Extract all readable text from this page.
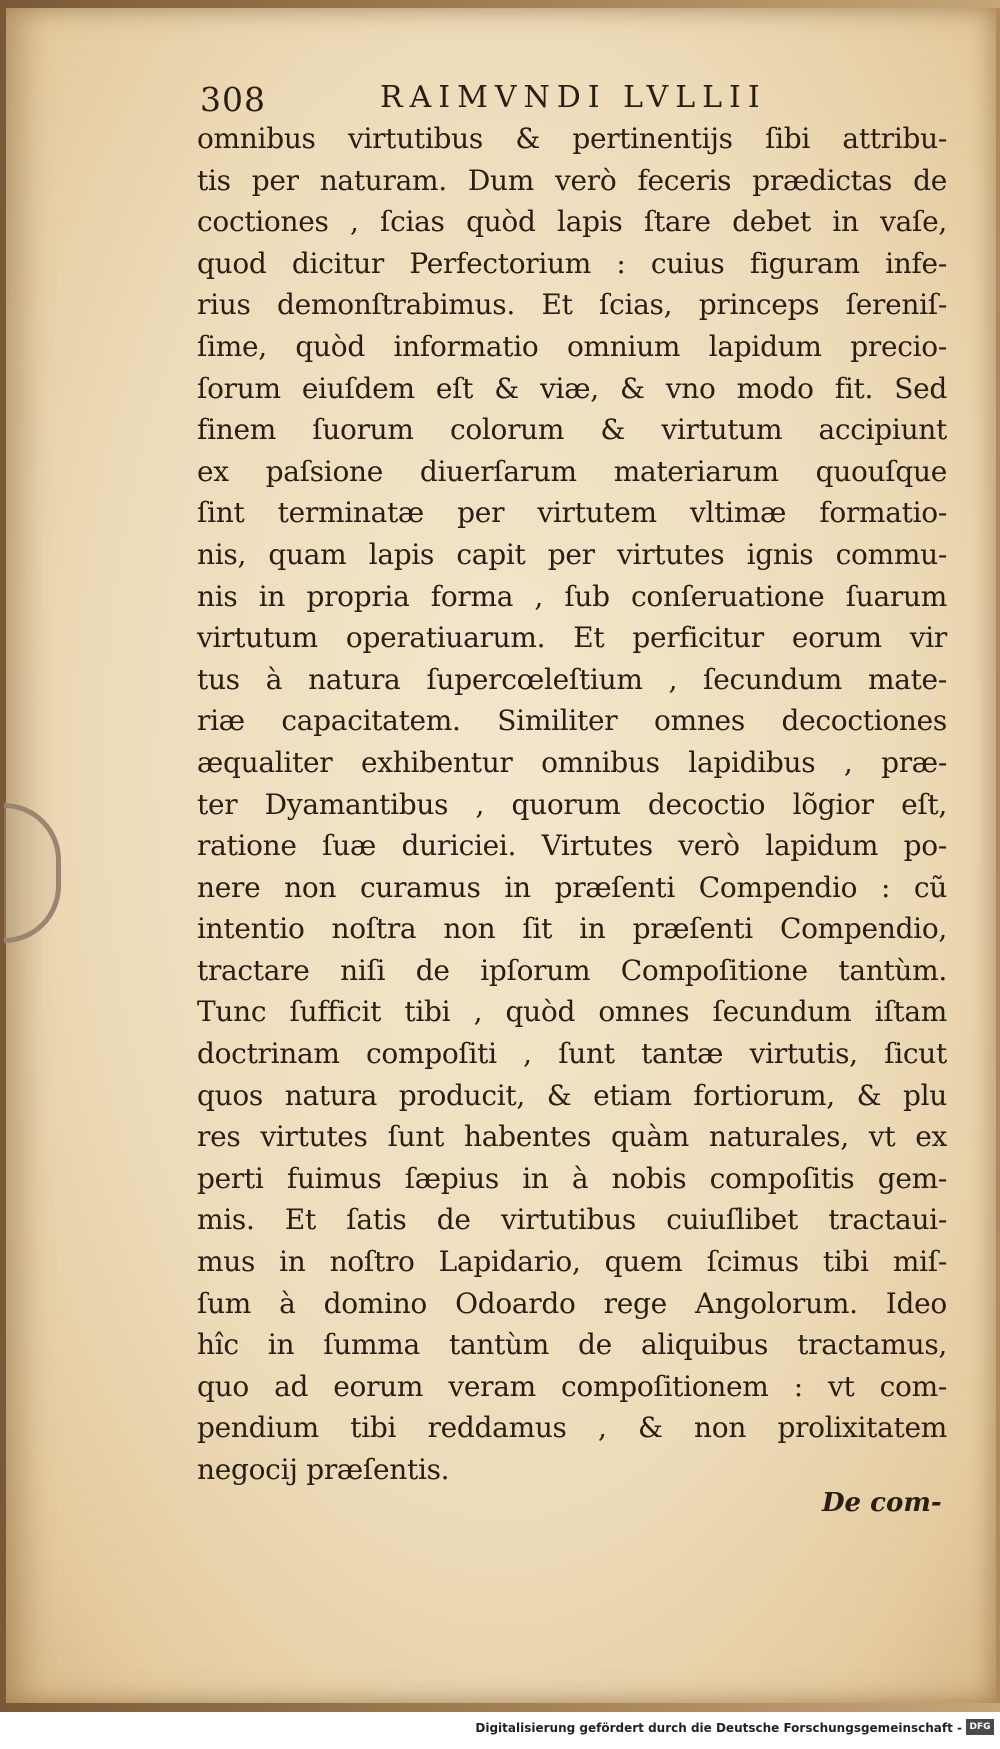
308	RAIMVNDI LVLLII
omnibus virtutibus & pertinentijs ſibi attribu-
tis per naturam. Dum verò feceris prædictas de
coctiones , ſcias quòd lapis ſtare debet in vaſe,
quod dicitur Perfectorium : cuius figuram infe-
rius demonſtrabimus. Et ſcias, princeps ſereniſ-
ſime, quòd informatio omnium lapidum precio-
ſorum eiuſdem eſt & viæ, & vno modo fit. Sed
finem ſuorum colorum & virtutum accipiunt
ex paſsione diuerſarum materiarum quouſque
ſint terminatæ per virtutem vltimæ formatio-
nis, quam lapis capit per virtutes ignis commu-
nis in propria forma , ſub conſeruatione ſuarum
virtutum operatiuarum. Et perficitur eorum vir
tus à natura ſupercœleſtium , ſecundum mate-
riæ capacitatem. Similiter omnes decoctiones
æqualiter exhibentur omnibus lapidibus , præ-
ter Dyamantibus , quorum decoctio lõgior eſt,
ratione ſuæ duriciei. Virtutes verò lapidum po-
nere non curamus in præſenti Compendio : cũ
intentio noſtra non ſit in præſenti Compendio,
tractare niſi de ipſorum Compoſitione tantùm.
Tunc ſufficit tibi , quòd omnes ſecundum iſtam
doctrinam compoſiti , ſunt tantæ virtutis, ſicut
quos natura producit, & etiam fortiorum, & plu
res virtutes ſunt habentes quàm naturales, vt ex
perti fuimus ſæpius in à nobis compoſitis gem-
mis. Et ſatis de virtutibus cuiuſlibet tractaui-
mus in noſtro Lapidario, quem ſcimus tibi miſ-
ſum à domino Odoardo rege Angolorum. Ideo
hîc in ſumma tantùm de aliquibus tractamus,
quo ad eorum veram compoſitionem : vt com-
pendium tibi reddamus , & non prolixitatem
negocij præſentis.
De com-
Digitalisierung gefördert durch die Deutsche Forschungsgemeinschaft - DFG
